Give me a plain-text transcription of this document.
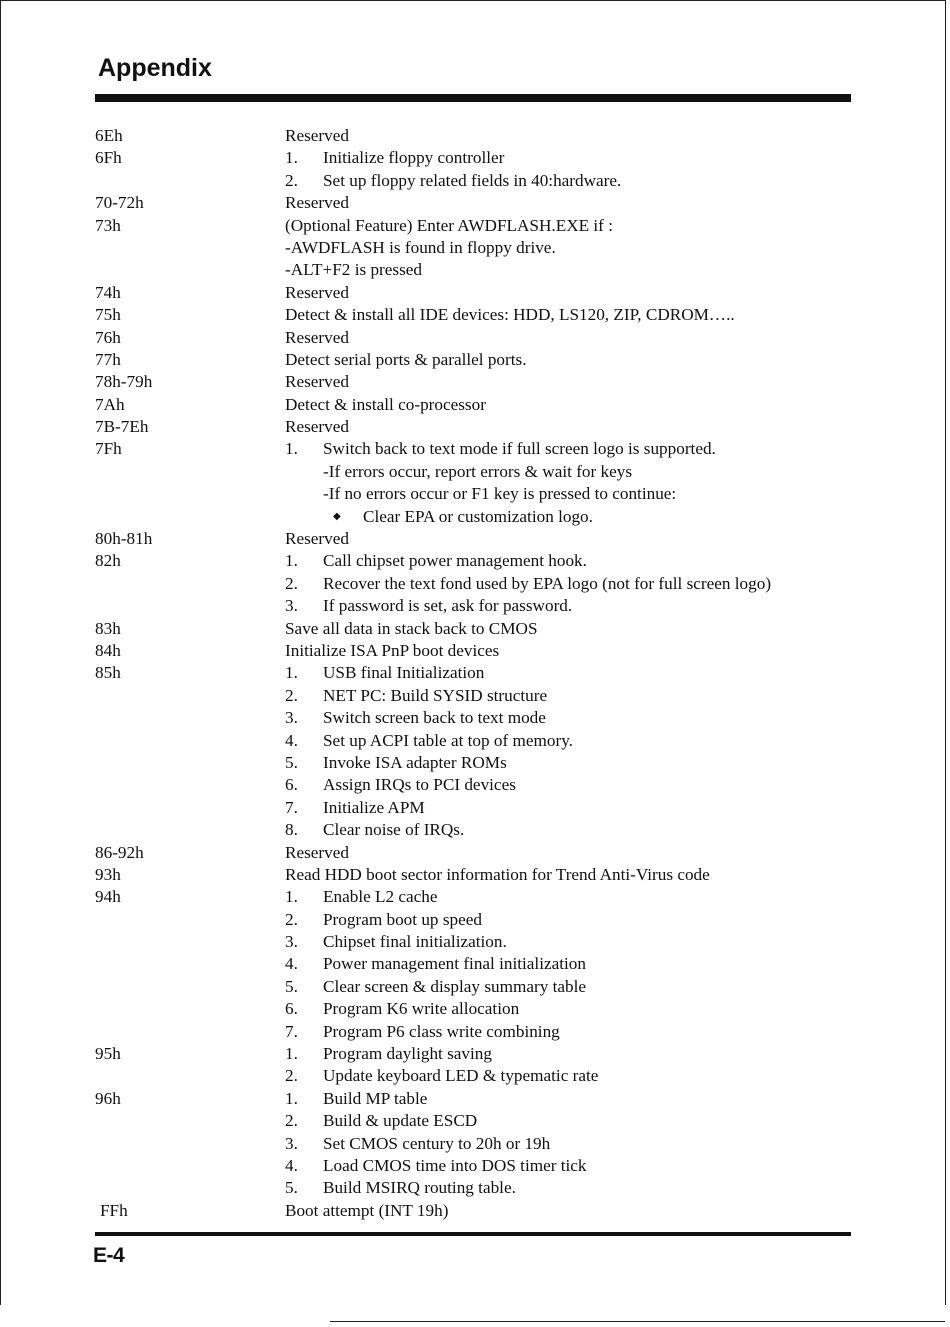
Appendix
6Eh	Reserved
6Fh	1. Initialize floppy controller
2. Set up floppy related fields in 40:hardware.
70-72h	Reserved
73h	(Optional Feature) Enter AWDFLASH.EXE if :
-AWDFLASH is found in floppy drive.
-ALT+F2 is pressed
74h	Reserved
75h	Detect & install all IDE devices: HDD, LS120, ZIP, CDROM…..
76h	Reserved
77h	Detect serial ports & parallel ports.
78h-79h	Reserved
7Ah	Detect & install co-processor
7B-7Eh	Reserved
7Fh	1. Switch back to text mode if full screen logo is supported.
-If errors occur, report errors & wait for keys
-If no errors occur or F1 key is pressed to continue:
◆ Clear EPA or customization logo.
80h-81h	Reserved
82h	1. Call chipset power management hook.
2. Recover the text fond used by EPA logo (not for full screen logo)
3. If password is set, ask for password.
83h	Save all data in stack back to CMOS
84h	Initialize ISA PnP boot devices
85h	1. USB final Initialization
2. NET PC: Build SYSID structure
3. Switch screen back to text mode
4. Set up ACPI table at top of memory.
5. Invoke ISA adapter ROMs
6. Assign IRQs to PCI devices
7. Initialize APM
8. Clear noise of IRQs.
86-92h	Reserved
93h	Read HDD boot sector information for Trend Anti-Virus code
94h	1. Enable L2 cache
2. Program boot up speed
3. Chipset final initialization.
4. Power management final initialization
5. Clear screen & display summary table
6. Program K6 write allocation
7. Program P6 class write combining
95h	1. Program daylight saving
2. Update keyboard LED & typematic rate
96h	1. Build MP table
2. Build & update ESCD
3. Set CMOS century to 20h or 19h
4. Load CMOS time into DOS timer tick
5. Build MSIRQ routing table.
FFh	Boot attempt (INT 19h)
E-4
